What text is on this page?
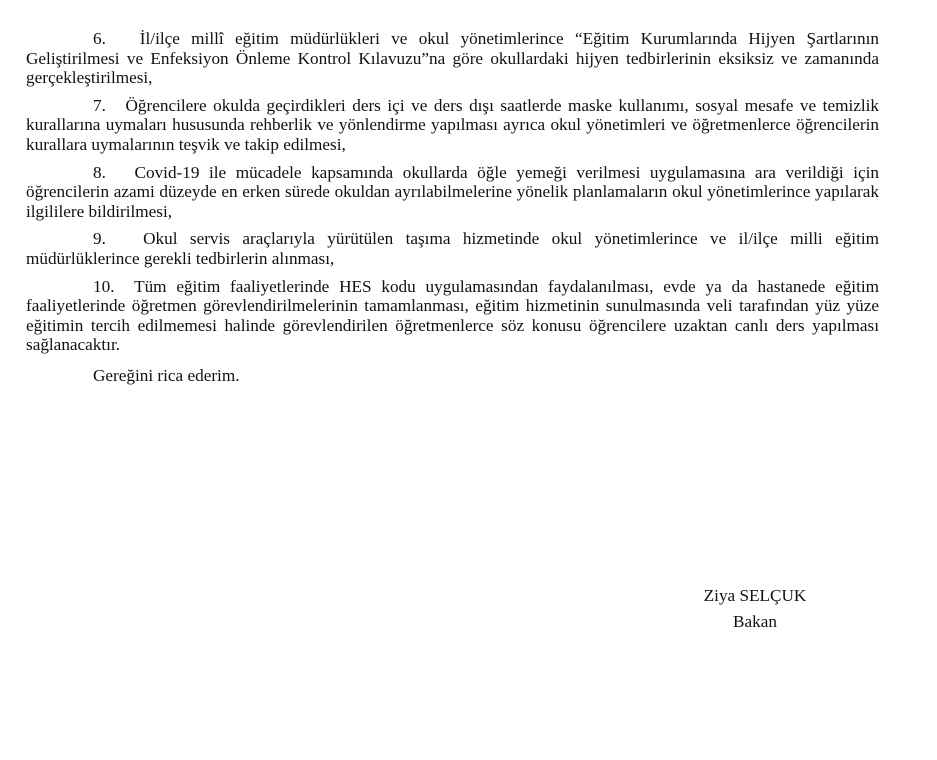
6. İl/ilçe millî eğitim müdürlükleri ve okul yönetimlerince “Eğitim Kurumlarında Hijyen Şartlarının Geliştirilmesi ve Enfeksiyon Önleme Kontrol Kılavuzu”na göre okullardaki hijyen tedbirlerinin eksiksiz ve zamanında gerçekleştirilmesi,

7. Öğrencilere okulda geçirdikleri ders içi ve ders dışı saatlerde maske kullanımı, sosyal mesafe ve temizlik kurallarına uymaları hususunda rehberlik ve yönlendirme yapılması ayrıca okul yönetimleri ve öğretmenlerce öğrencilerin kurallara uymalarının teşvik ve takip edilmesi,

8. Covid-19 ile mücadele kapsamında okullarda öğle yemeği verilmesi uygulamasına ara verildiği için öğrencilerin azami düzeyde en erken sürede okuldan ayrılabilmelerine yönelik planlamaların okul yönetimlerince yapılarak ilgililere bildirilmesi,

9. Okul servis araçlarıyla yürütülen taşıma hizmetinde okul yönetimlerince ve il/ilçe milli eğitim müdürlüklerince gerekli tedbirlerin alınması,

10. Tüm eğitim faaliyetlerinde HES kodu uygulamasından faydalanılması, evde ya da hastanede eğitim faaliyetlerinde öğretmen görevlendirilmelerinin tamamlanması, eğitim hizmetinin sunulmasında veli tarafından yüz yüze eğitimin tercih edilmemesi halinde görevlendirilen öğretmenlerce söz konusu öğrencilere uzaktan canlı ders yapılması sağlanacaktır.

Gereğini rica ederim.

Ziya SELÇUK
Bakan
